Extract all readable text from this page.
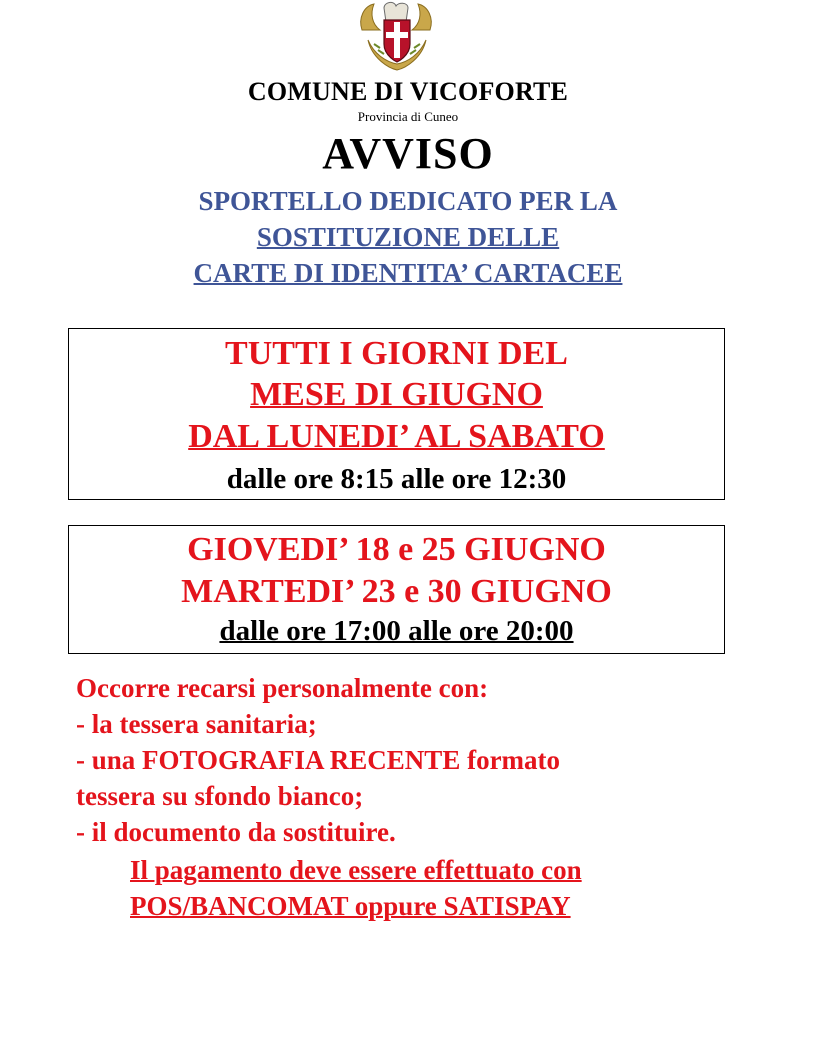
COMUNE DI VICOFORTE
Provincia di Cuneo
AVVISO
SPORTELLO DEDICATO PER LA
SOSTITUZIONE DELLE
CARTE DI IDENTITA’ CARTACEE
TUTTI I GIORNI DEL
MESE DI GIUGNO
DAL LUNEDI’ AL SABATO
dalle ore 8:15 alle ore 12:30
GIOVEDI’ 18 e 25 GIUGNO
MARTEDI’ 23 e 30 GIUGNO
dalle ore 17:00 alle ore 20:00
Occorre recarsi personalmente con:
- la tessera sanitaria;
- una FOTOGRAFIA RECENTE formato
tessera su sfondo bianco;
- il documento da sostituire.
Il pagamento deve essere effettuato con
POS/BANCOMAT oppure SATISPAY
